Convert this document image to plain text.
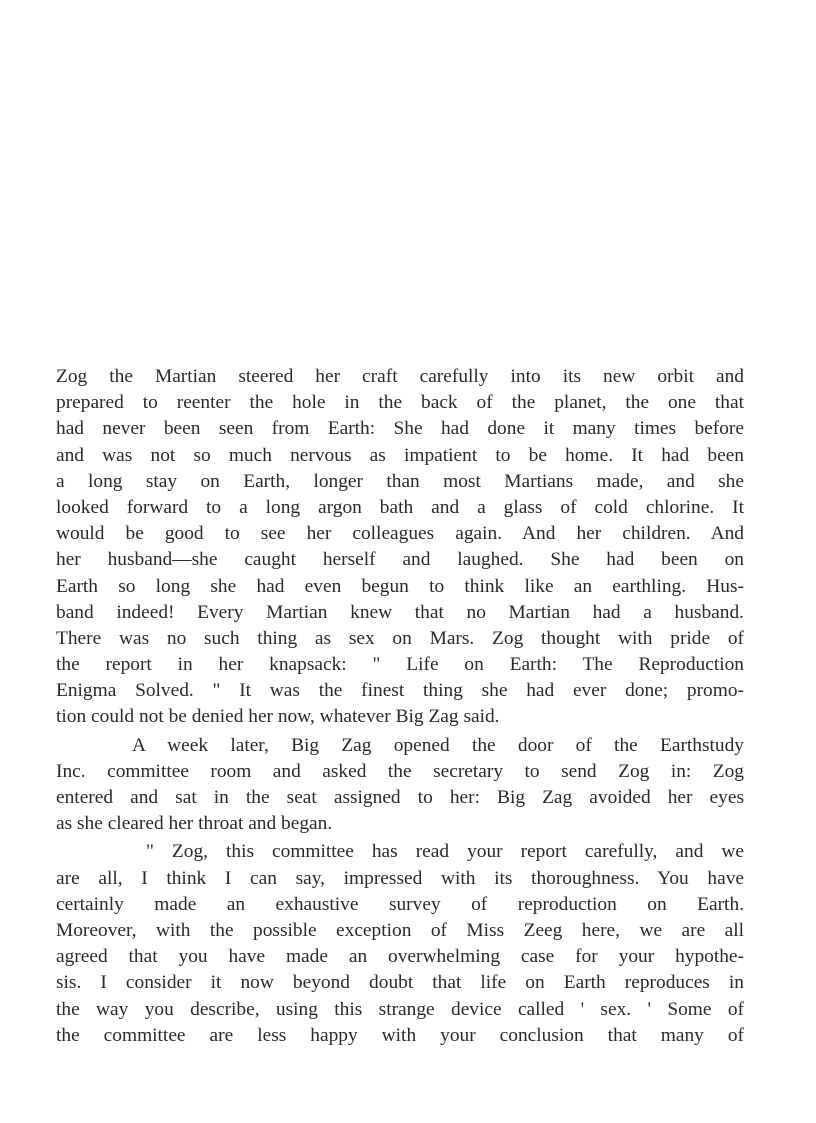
Zog the Martian steered her craft carefully into its new orbit and
prepared to reenter the hole in the back of the planet, the one that
had never been seen from Earth: She had done it many times before
and was not so much nervous as impatient to be home. It had been
a long stay on Earth, longer than most Martians made, and she
looked forward to a long argon bath and a glass of cold chlorine. It
would be good to see her colleagues again. And her children. And
her husband—she caught herself and laughed. She had been on
Earth so long she had even begun to think like an earthling. Hus-
band indeed! Every Martian knew that no Martian had a husband.
There was no such thing as sex on Mars. Zog thought with pride of
the report in her knapsack: " Life on Earth: The Reproduction
Enigma Solved. " It was the finest thing she had ever done; promo-
tion could not be denied her now, whatever Big Zag said.
A week later, Big Zag opened the door of the Earthstudy
Inc. committee room and asked the secretary to send Zog in: Zog
entered and sat in the seat assigned to her: Big Zag avoided her eyes
as she cleared her throat and began.
" Zog, this committee has read your report carefully, and we
are all, I think I can say, impressed with its thoroughness. You have
certainly made an exhaustive survey of reproduction on Earth.
Moreover, with the possible exception of Miss Zeeg here, we are all
agreed that you have made an overwhelming case for your hypothe-
sis. I consider it now beyond doubt that life on Earth reproduces in
the way you describe, using this strange device called ' sex. ' Some of
the committee are less happy with your conclusion that many of
